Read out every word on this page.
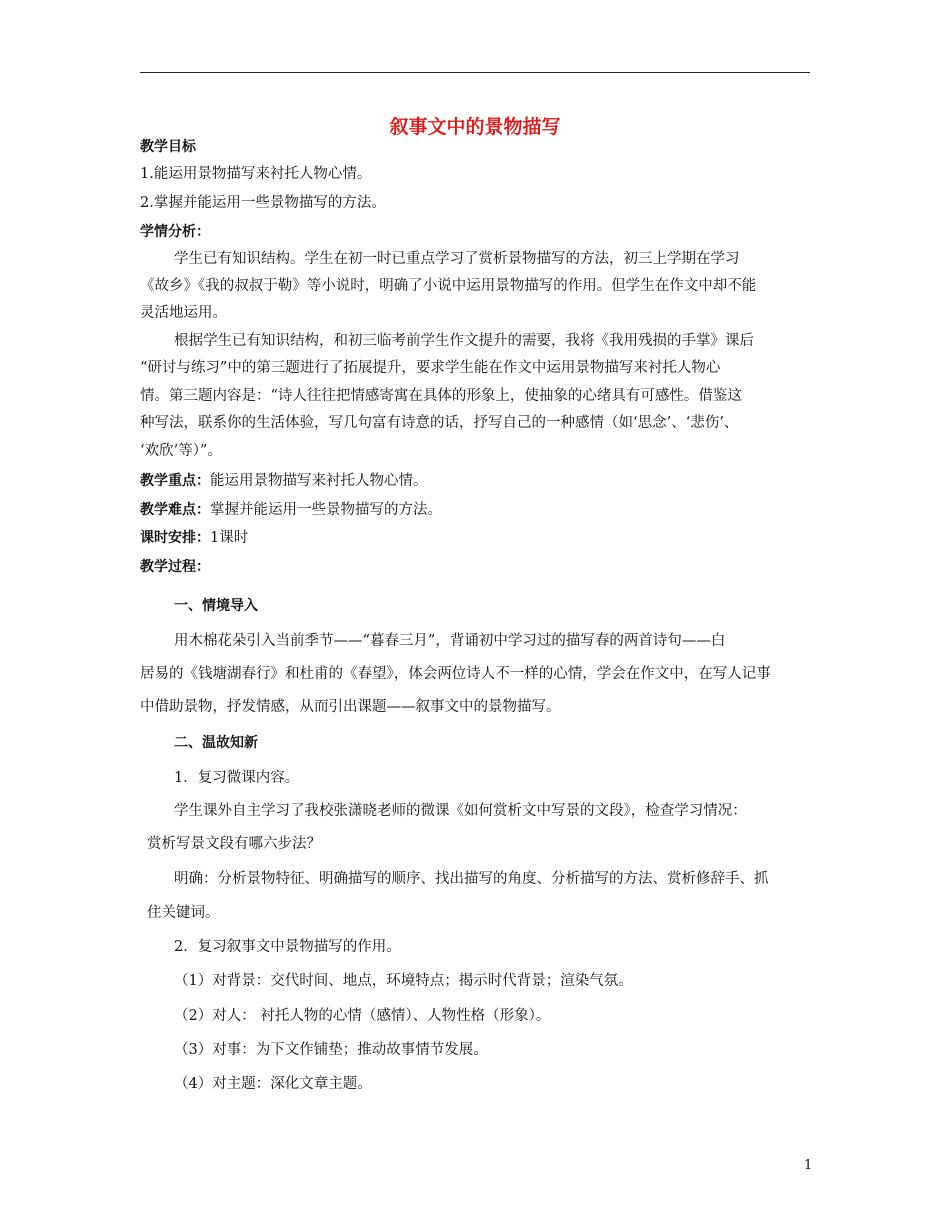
叙事文中的景物描写
教学目标
1.能运用景物描写来衬托人物心情。
2.掌握并能运用一些景物描写的方法。
学情分析：
学生已有知识结构。学生在初一时已重点学习了赏析景物描写的方法，初三上学期在学习
《故乡》《我的叔叔于勒》等小说时，明确了小说中运用景物描写的作用。但学生在作文中却不能
灵活地运用。
根据学生已有知识结构，和初三临考前学生作文提升的需要，我将《我用残损的手掌》课后
“研讨与练习”中的第三题进行了拓展提升，要求学生能在作文中运用景物描写来衬托人物心
情。第三题内容是：“诗人往往把情感寄寓在具体的形象上，使抽象的心绪具有可感性。借鉴这
种写法，联系你的生活体验，写几句富有诗意的话，抒写自己的一种感情（如‘思念’、‘悲伤’、
‘欢欣’等）”。
教学重点：能运用景物描写来衬托人物心情。
教学难点：掌握并能运用一些景物描写的方法。
课时安排：1课时
教学过程：
一、情境导入
用木棉花朵引入当前季节——“暮春三月”，背诵初中学习过的描写春的两首诗句——白
居易的《钱塘湖春行》和杜甫的《春望》，体会两位诗人不一样的心情，学会在作文中，在写人记事
中借助景物，抒发情感，从而引出课题——叙事文中的景物描写。
二、温故知新
1．复习微课内容。
学生课外自主学习了我校张潇晓老师的微课《如何赏析文中写景的文段》，检查学习情况：
赏析写景文段有哪六步法？
明确：分析景物特征、明确描写的顺序、找出描写的角度、分析描写的方法、赏析修辞手、抓
住关键词。
2．复习叙事文中景物描写的作用。
（1）对背景：交代时间、地点，环境特点；揭示时代背景；渲染气氛。
（2）对人： 衬托人物的心情（感情）、人物性格（形象）。
（3）对事：为下文作铺垫；推动故事情节发展。
（4）对主题：深化文章主题。
1
